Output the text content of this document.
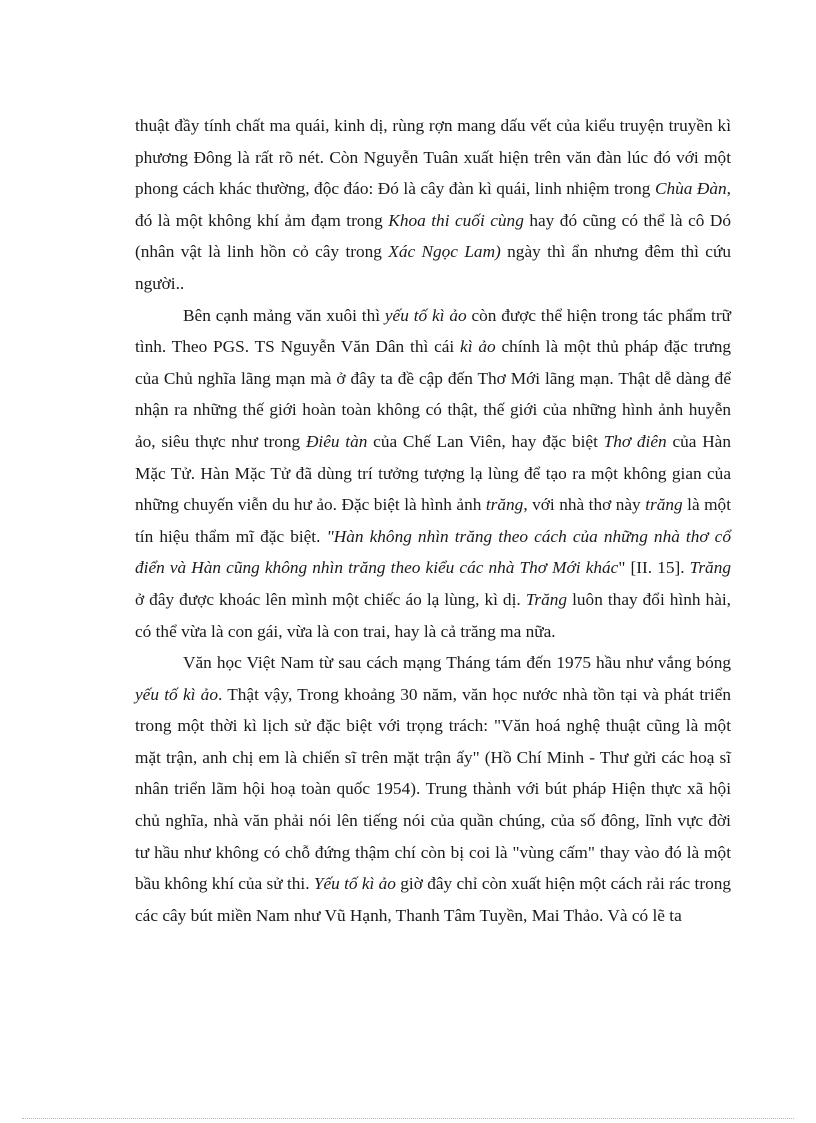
thuật đầy tính chất ma quái, kinh dị, rùng rợn mang dấu vết của kiểu truyện truyền kì phương Đông là rất rõ nét. Còn Nguyễn Tuân xuất hiện trên văn đàn lúc đó với một phong cách khác thường, độc đáo: Đó là cây đàn kì quái, linh nhiệm trong Chùa Đàn, đó là một không khí ảm đạm trong Khoa thi cuối cùng hay đó cũng có thể là cô Dó (nhân vật là linh hồn cỏ cây trong Xác Ngọc Lam) ngày thì ẩn nhưng đêm thì cứu người..

Bên cạnh mảng văn xuôi thì yếu tố kì ảo còn được thể hiện trong tác phẩm trữ tình. Theo PGS. TS Nguyễn Văn Dân thì cái kì ảo chính là một thủ pháp đặc trưng của Chủ nghĩa lãng mạn mà ở đây ta đề cập đến Thơ Mới lãng mạn. Thật dễ dàng để nhận ra những thế giới hoàn toàn không có thật, thế giới của những hình ảnh huyễn ảo, siêu thực như trong Điêu tàn của Chế Lan Viên, hay đặc biệt Thơ điên của Hàn Mặc Tử. Hàn Mặc Tử đã dùng trí tưởng tượng lạ lùng để tạo ra một không gian của những chuyến viễn du hư ảo. Đặc biệt là hình ảnh trăng, với nhà thơ này trăng là một tín hiệu thẩm mĩ đặc biệt. "Hàn không nhìn trăng theo cách của những nhà thơ cổ điển và Hàn cũng không nhìn trăng theo kiểu các nhà Thơ Mới khác" [II. 15]. Trăng ở đây được khoác lên mình một chiếc áo lạ lùng, kì dị. Trăng luôn thay đổi hình hài, có thể vừa là con gái, vừa là con trai, hay là cả trăng ma nữa.

Văn học Việt Nam từ sau cách mạng Tháng tám đến 1975 hầu như vắng bóng yếu tố kì ảo. Thật vậy, Trong khoảng 30 năm, văn học nước nhà tồn tại và phát triển trong một thời kì lịch sử đặc biệt với trọng trách: "Văn hoá nghệ thuật cũng là một mặt trận, anh chị em là chiến sĩ trên mặt trận ấy" (Hồ Chí Minh - Thư gửi các hoạ sĩ nhân triển lãm hội hoạ toàn quốc 1954). Trung thành với bút pháp Hiện thực xã hội chủ nghĩa, nhà văn phải nói lên tiếng nói của quần chúng, của số đông, lĩnh vực đời tư hầu như không có chỗ đứng thậm chí còn bị coi là "vùng cấm" thay vào đó là một bầu không khí của sử thi. Yếu tố kì ảo giờ đây chỉ còn xuất hiện một cách rải rác trong các cây bút miền Nam như Vũ Hạnh, Thanh Tâm Tuyền, Mai Thảo. Và có lẽ ta
